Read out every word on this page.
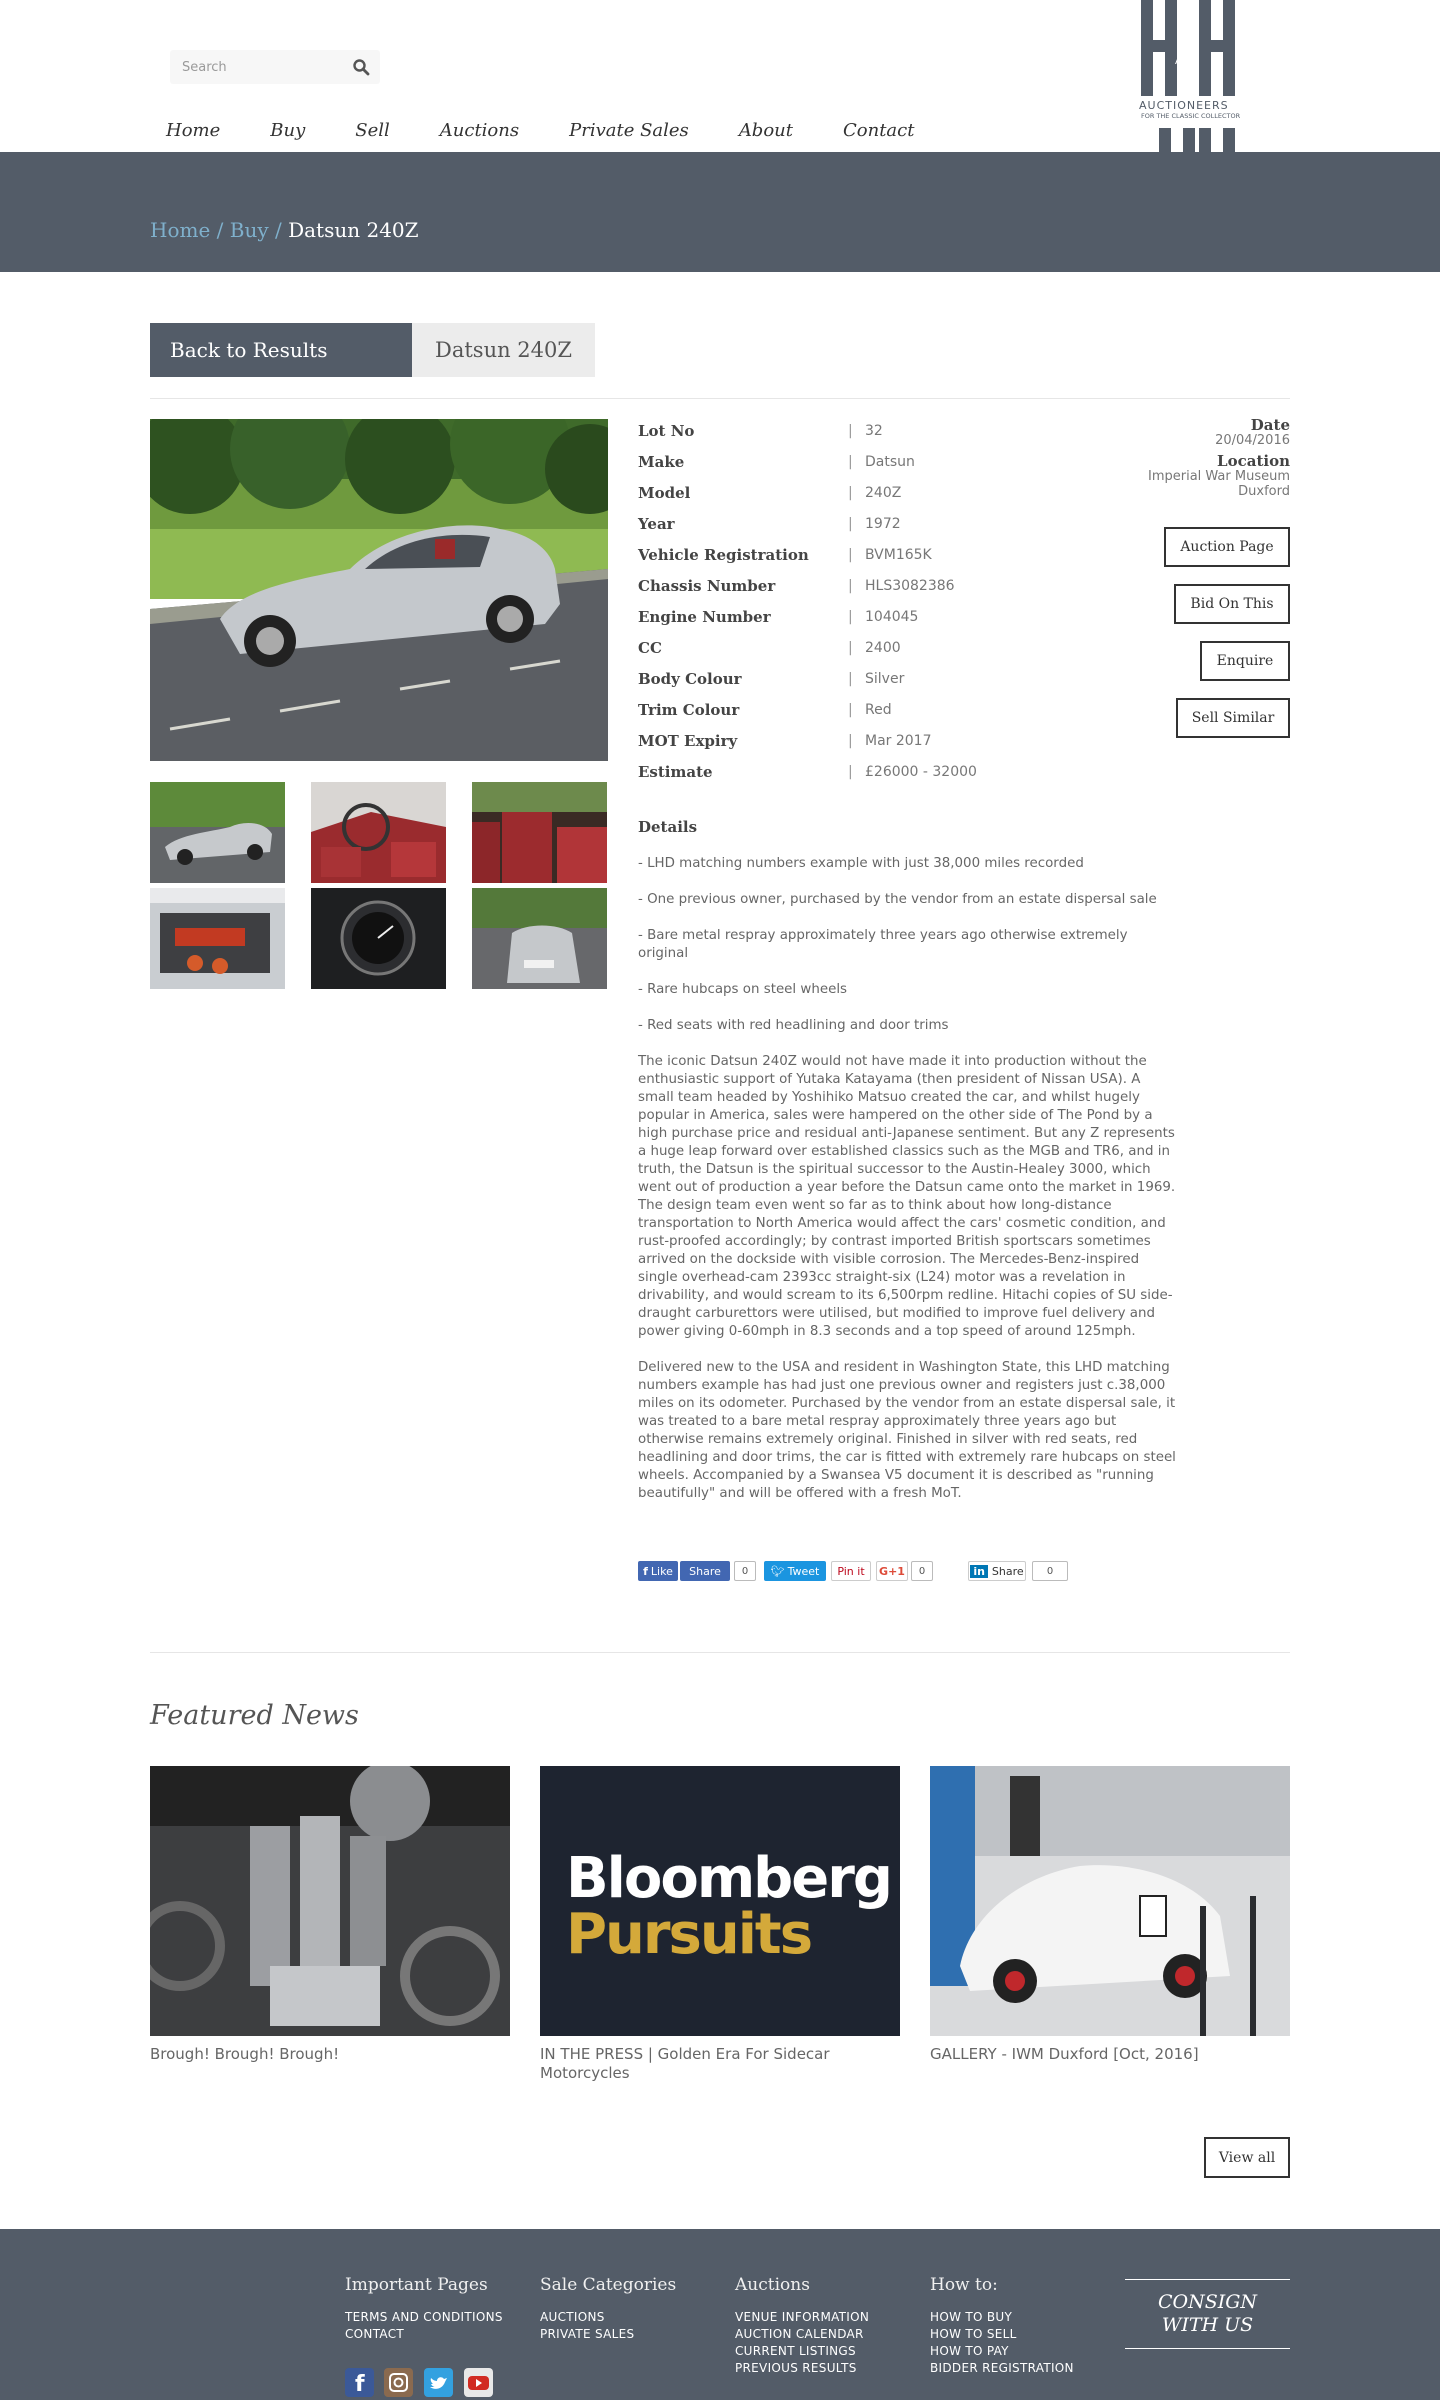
Search
AND
AUCTIONEERS
FOR THE CLASSIC COLLECTOR
Home	Buy	Sell	Auctions	Private Sales	About	Contact
Home / Buy / Datsun 240Z
Back to Results	Datsun 240Z
Lot No	| 32
Make	| Datsun
Model	| 240Z
Year	| 1972
Vehicle Registration	| BVM165K
Chassis Number	| HLS3082386
Engine Number	| 104045
CC	| 2400
Body Colour	| Silver
Trim Colour	| Red
MOT Expiry	| Mar 2017
Estimate	| £26000 - 32000
Date
20/04/2016
Location
Imperial War Museum
Duxford
Auction Page
Bid On This
Enquire
Sell Similar
Details

- LHD matching numbers example with just 38,000 miles recorded

- One previous owner, purchased by the vendor from an estate dispersal sale

- Bare metal respray approximately three years ago otherwise extremely original

- Rare hubcaps on steel wheels

- Red seats with red headlining and door trims

The iconic Datsun 240Z would not have made it into production without the enthusiastic support of Yutaka Katayama (then president of Nissan USA). A small team headed by Yoshihiko Matsuo created the car, and whilst hugely popular in America, sales were hampered on the other side of The Pond by a high purchase price and residual anti-Japanese sentiment. But any Z represents a huge leap forward over established classics such as the MGB and TR6, and in truth, the Datsun is the spiritual successor to the Austin-Healey 3000, which went out of production a year before the Datsun came onto the market in 1969. The design team even went so far as to think about how long-distance transportation to North America would affect the cars' cosmetic condition, and rust-proofed accordingly; by contrast imported British sportscars sometimes arrived on the dockside with visible corrosion. The Mercedes-Benz-inspired single overhead-cam 2393cc straight-six (L24) motor was a revelation in drivability, and would scream to its 6,500rpm redline. Hitachi copies of SU side-draught carburettors were utilised, but modified to improve fuel delivery and power giving 0-60mph in 8.3 seconds and a top speed of around 125mph.

Delivered new to the USA and resident in Washington State, this LHD matching numbers example has had just one previous owner and registers just c.38,000 miles on its odometer. Purchased by the vendor from an estate dispersal sale, it was treated to a bare metal respray approximately three years ago but otherwise remains extremely original. Finished in silver with red seats, red headlining and door trims, the car is fitted with extremely rare hubcaps on steel wheels. Accompanied by a Swansea V5 document it is described as "running beautifully" and will be offered with a fresh MoT.

f Like	Share	0	🐦︎ Tweet	Pin it	G+1	0	in Share	0
Featured News
Bloomberg
Pursuits
Brough! Brough! Brough!	IN THE PRESS | Golden Era For Sidecar Motorcycles
GALLERY - IWM Duxford [Oct, 2016]
View all
Important Pages
TERMS AND CONDITIONS
CONTACT
Sale Categories
AUCTIONS
PRIVATE SALES
Auctions
VENUE INFORMATION
AUCTION CALENDAR
CURRENT LISTINGS
PREVIOUS RESULTS
How to:
HOW TO BUY
HOW TO SELL
HOW TO PAY
BIDDER REGISTRATION
CONSIGN
WITH US
f
